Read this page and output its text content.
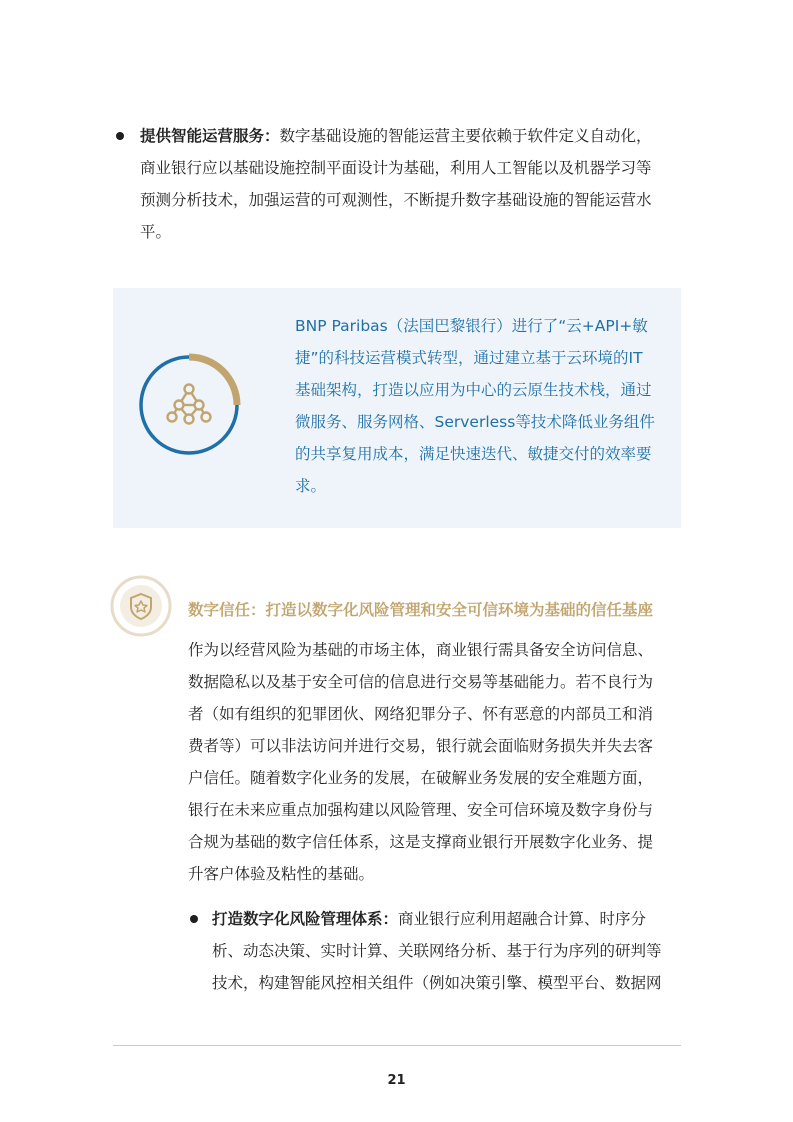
提供智能运营服务：数字基础设施的智能运营主要依赖于软件定义自动化，
商业银行应以基础设施控制平面设计为基础，利用人工智能以及机器学习等
预测分析技术，加强运营的可观测性，不断提升数字基础设施的智能运营水
平。
BNP Paribas（法国巴黎银行）进行了“云+API+敏
捷”的科技运营模式转型，通过建立基于云环境的IT
基础架构，打造以应用为中心的云原生技术栈，通过
微服务、服务网格、Serverless等技术降低业务组件
的共享复用成本，满足快速迭代、敏捷交付的效率要
求。
数字信任：打造以数字化风险管理和安全可信环境为基础的信任基座
作为以经营风险为基础的市场主体，商业银行需具备安全访问信息、
数据隐私以及基于安全可信的信息进行交易等基础能力。若不良行为
者（如有组织的犯罪团伙、网络犯罪分子、怀有恶意的内部员工和消
费者等）可以非法访问并进行交易，银行就会面临财务损失并失去客
户信任。随着数字化业务的发展，在破解业务发展的安全难题方面，
银行在未来应重点加强构建以风险管理、安全可信环境及数字身份与
合规为基础的数字信任体系，这是支撑商业银行开展数字化业务、提
升客户体验及粘性的基础。
打造数字化风险管理体系：商业银行应利用超融合计算、时序分
析、动态决策、实时计算、关联网络分析、基于行为序列的研判等
技术，构建智能风控相关组件（例如决策引擎、模型平台、数据网
21
